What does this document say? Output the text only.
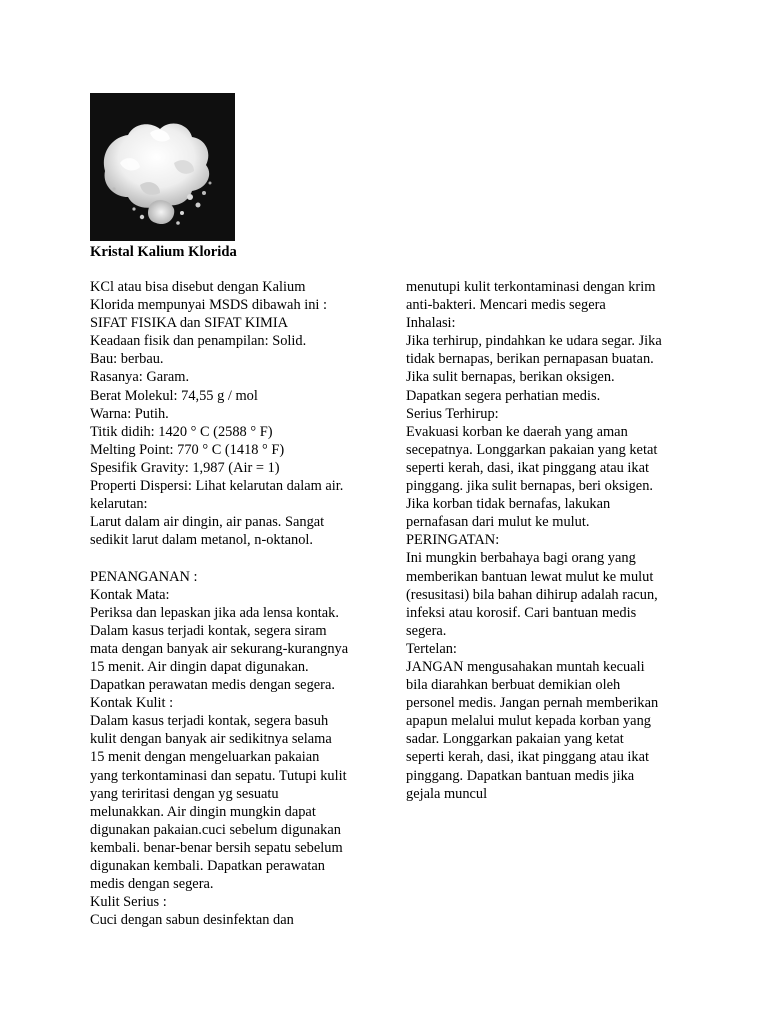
Kristal Kalium Klorida
KCl atau bisa disebut dengan Kalium
Klorida mempunyai MSDS dibawah ini :
SIFAT FISIKA dan SIFAT KIMIA
Keadaan fisik dan penampilan: Solid.
Bau: berbau.
Rasanya: Garam.
Berat Molekul: 74,55 g / mol
Warna: Putih.
Titik didih: 1420 ° C (2588 ° F)
Melting Point: 770 ° C (1418 ° F)
Spesifik Gravity: 1,987 (Air = 1)
Properti Dispersi: Lihat kelarutan dalam air.
kelarutan:
Larut dalam air dingin, air panas. Sangat
sedikit larut dalam metanol, n-oktanol.
PENANGANAN :
Kontak Mata:
Periksa dan lepaskan jika ada lensa kontak.
Dalam kasus terjadi kontak, segera siram
mata dengan banyak air sekurang-kurangnya
15 menit. Air dingin dapat digunakan.
Dapatkan perawatan medis dengan segera.
Kontak Kulit :
Dalam kasus terjadi kontak, segera basuh
kulit dengan banyak air sedikitnya selama
15 menit dengan mengeluarkan pakaian
yang terkontaminasi dan sepatu. Tutupi kulit
yang teriritasi dengan yg sesuatu
melunakkan. Air dingin mungkin dapat
digunakan pakaian.cuci sebelum digunakan
kembali. benar-benar bersih sepatu sebelum
digunakan kembali. Dapatkan perawatan
medis dengan segera.
Kulit Serius :
Cuci dengan sabun desinfektan dan
menutupi kulit terkontaminasi dengan krim
anti-bakteri. Mencari medis segera
Inhalasi:
Jika terhirup, pindahkan ke udara segar. Jika
tidak bernapas, berikan pernapasan buatan.
Jika sulit bernapas, berikan oksigen.
Dapatkan segera perhatian medis.
Serius Terhirup:
Evakuasi korban ke daerah yang aman
secepatnya. Longgarkan pakaian yang ketat
seperti kerah, dasi, ikat pinggang atau ikat
pinggang. jika sulit bernapas, beri oksigen.
Jika korban tidak bernafas, lakukan
pernafasan dari mulut ke mulut.
PERINGATAN:
Ini mungkin berbahaya bagi orang yang
memberikan bantuan lewat mulut ke mulut
(resusitasi) bila bahan dihirup adalah racun,
infeksi atau korosif. Cari bantuan medis
segera.
Tertelan:
JANGAN mengusahakan muntah kecuali
bila diarahkan berbuat demikian oleh
personel medis. Jangan pernah memberikan
apapun melalui mulut kepada korban yang
sadar. Longgarkan pakaian yang ketat
seperti kerah, dasi, ikat pinggang atau ikat
pinggang. Dapatkan bantuan medis jika
gejala muncul
